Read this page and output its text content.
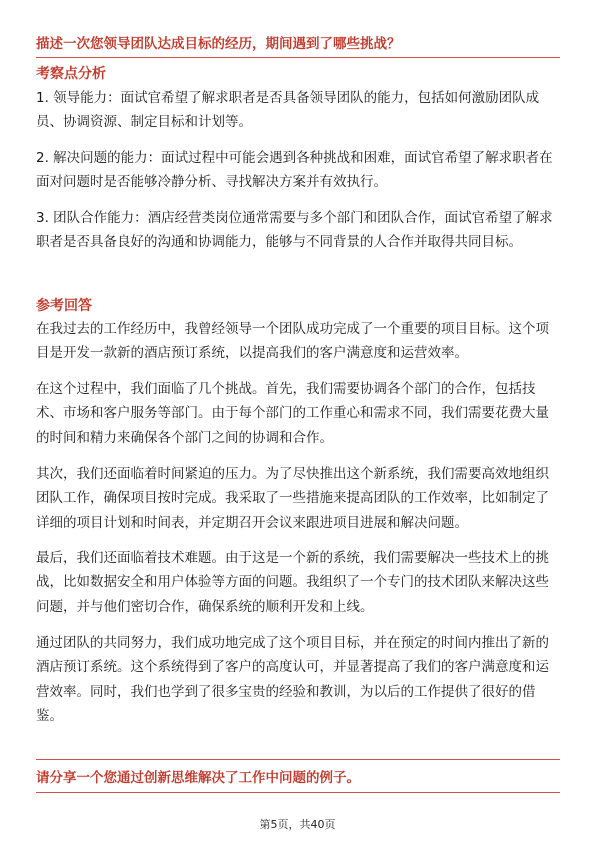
描述一次您领导团队达成目标的经历，期间遇到了哪些挑战？
考察点分析

1. 领导能力：面试官希望了解求职者是否具备领导团队的能力，包括如何激励团队成员、协调资源、制定目标和计划等。

2. 解决问题的能力：面试过程中可能会遇到各种挑战和困难，面试官希望了解求职者在面对问题时是否能够冷静分析、寻找解决方案并有效执行。

3. 团队合作能力：酒店经营类岗位通常需要与多个部门和团队合作，面试官希望了解求职者是否具备良好的沟通和协调能力，能够与不同背景的人合作并取得共同目标。

参考回答

在我过去的工作经历中，我曾经领导一个团队成功完成了一个重要的项目目标。这个项目是开发一款新的酒店预订系统，以提高我们的客户满意度和运营效率。

在这个过程中，我们面临了几个挑战。首先，我们需要协调各个部门的合作，包括技术、市场和客户服务等部门。由于每个部门的工作重心和需求不同，我们需要花费大量的时间和精力来确保各个部门之间的协调和合作。

其次，我们还面临着时间紧迫的压力。为了尽快推出这个新系统，我们需要高效地组织团队工作，确保项目按时完成。我采取了一些措施来提高团队的工作效率，比如制定了详细的项目计划和时间表，并定期召开会议来跟进项目进展和解决问题。

最后，我们还面临着技术难题。由于这是一个新的系统，我们需要解决一些技术上的挑战，比如数据安全和用户体验等方面的问题。我组织了一个专门的技术团队来解决这些问题，并与他们密切合作，确保系统的顺利开发和上线。

通过团队的共同努力，我们成功地完成了这个项目目标，并在预定的时间内推出了新的酒店预订系统。这个系统得到了客户的高度认可，并显著提高了我们的客户满意度和运营效率。同时，我们也学到了很多宝贵的经验和教训，为以后的工作提供了很好的借鉴。

请分享一个您通过创新思维解决了工作中问题的例子。
第5页，共40页
